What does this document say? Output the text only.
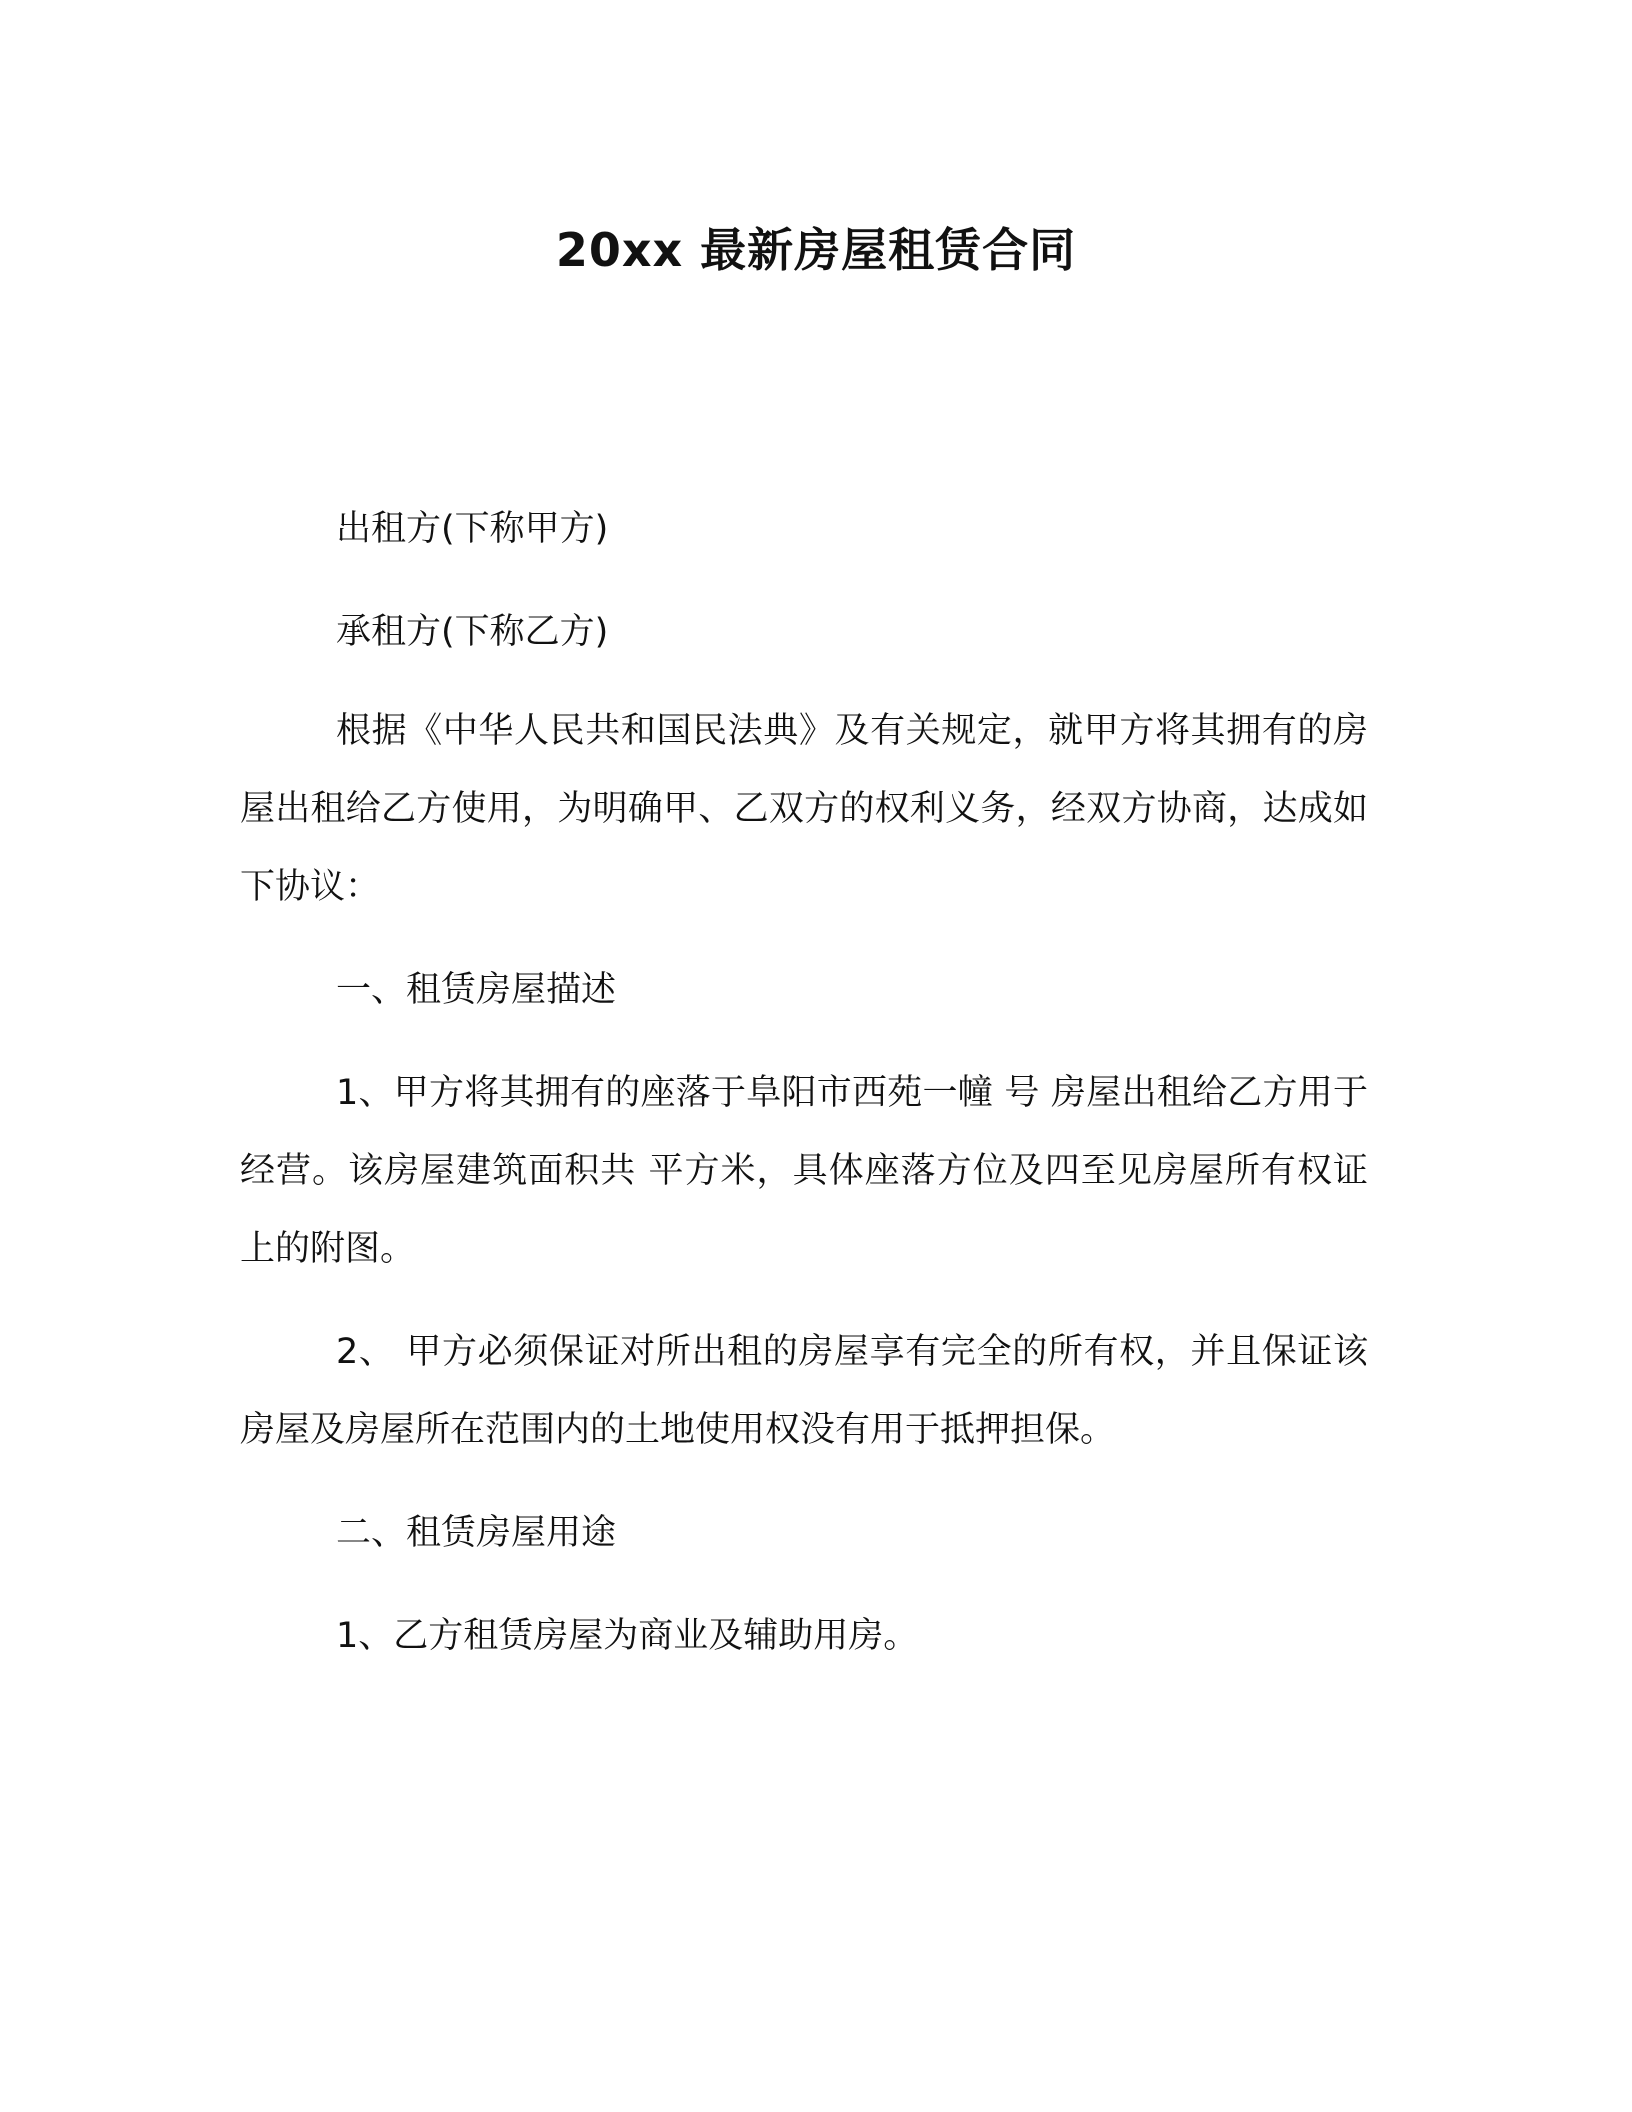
20xx 最新房屋租赁合同

出租方(下称甲方)

承租方(下称乙方)

根据《中华人民共和国民法典》及有关规定，就甲方将其拥有的房屋出租给乙方使用，为明确甲、乙双方的权利义务，经双方协商，达成如下协议：

一、租赁房屋描述

1、甲方将其拥有的座落于阜阳市西苑一幢 号 房屋出租给乙方用于经营。该房屋建筑面积共 平方米，具体座落方位及四至见房屋所有权证上的附图。

2、 甲方必须保证对所出租的房屋享有完全的所有权，并且保证该房屋及房屋所在范围内的土地使用权没有用于抵押担保。

二、租赁房屋用途

1、乙方租赁房屋为商业及辅助用房。
